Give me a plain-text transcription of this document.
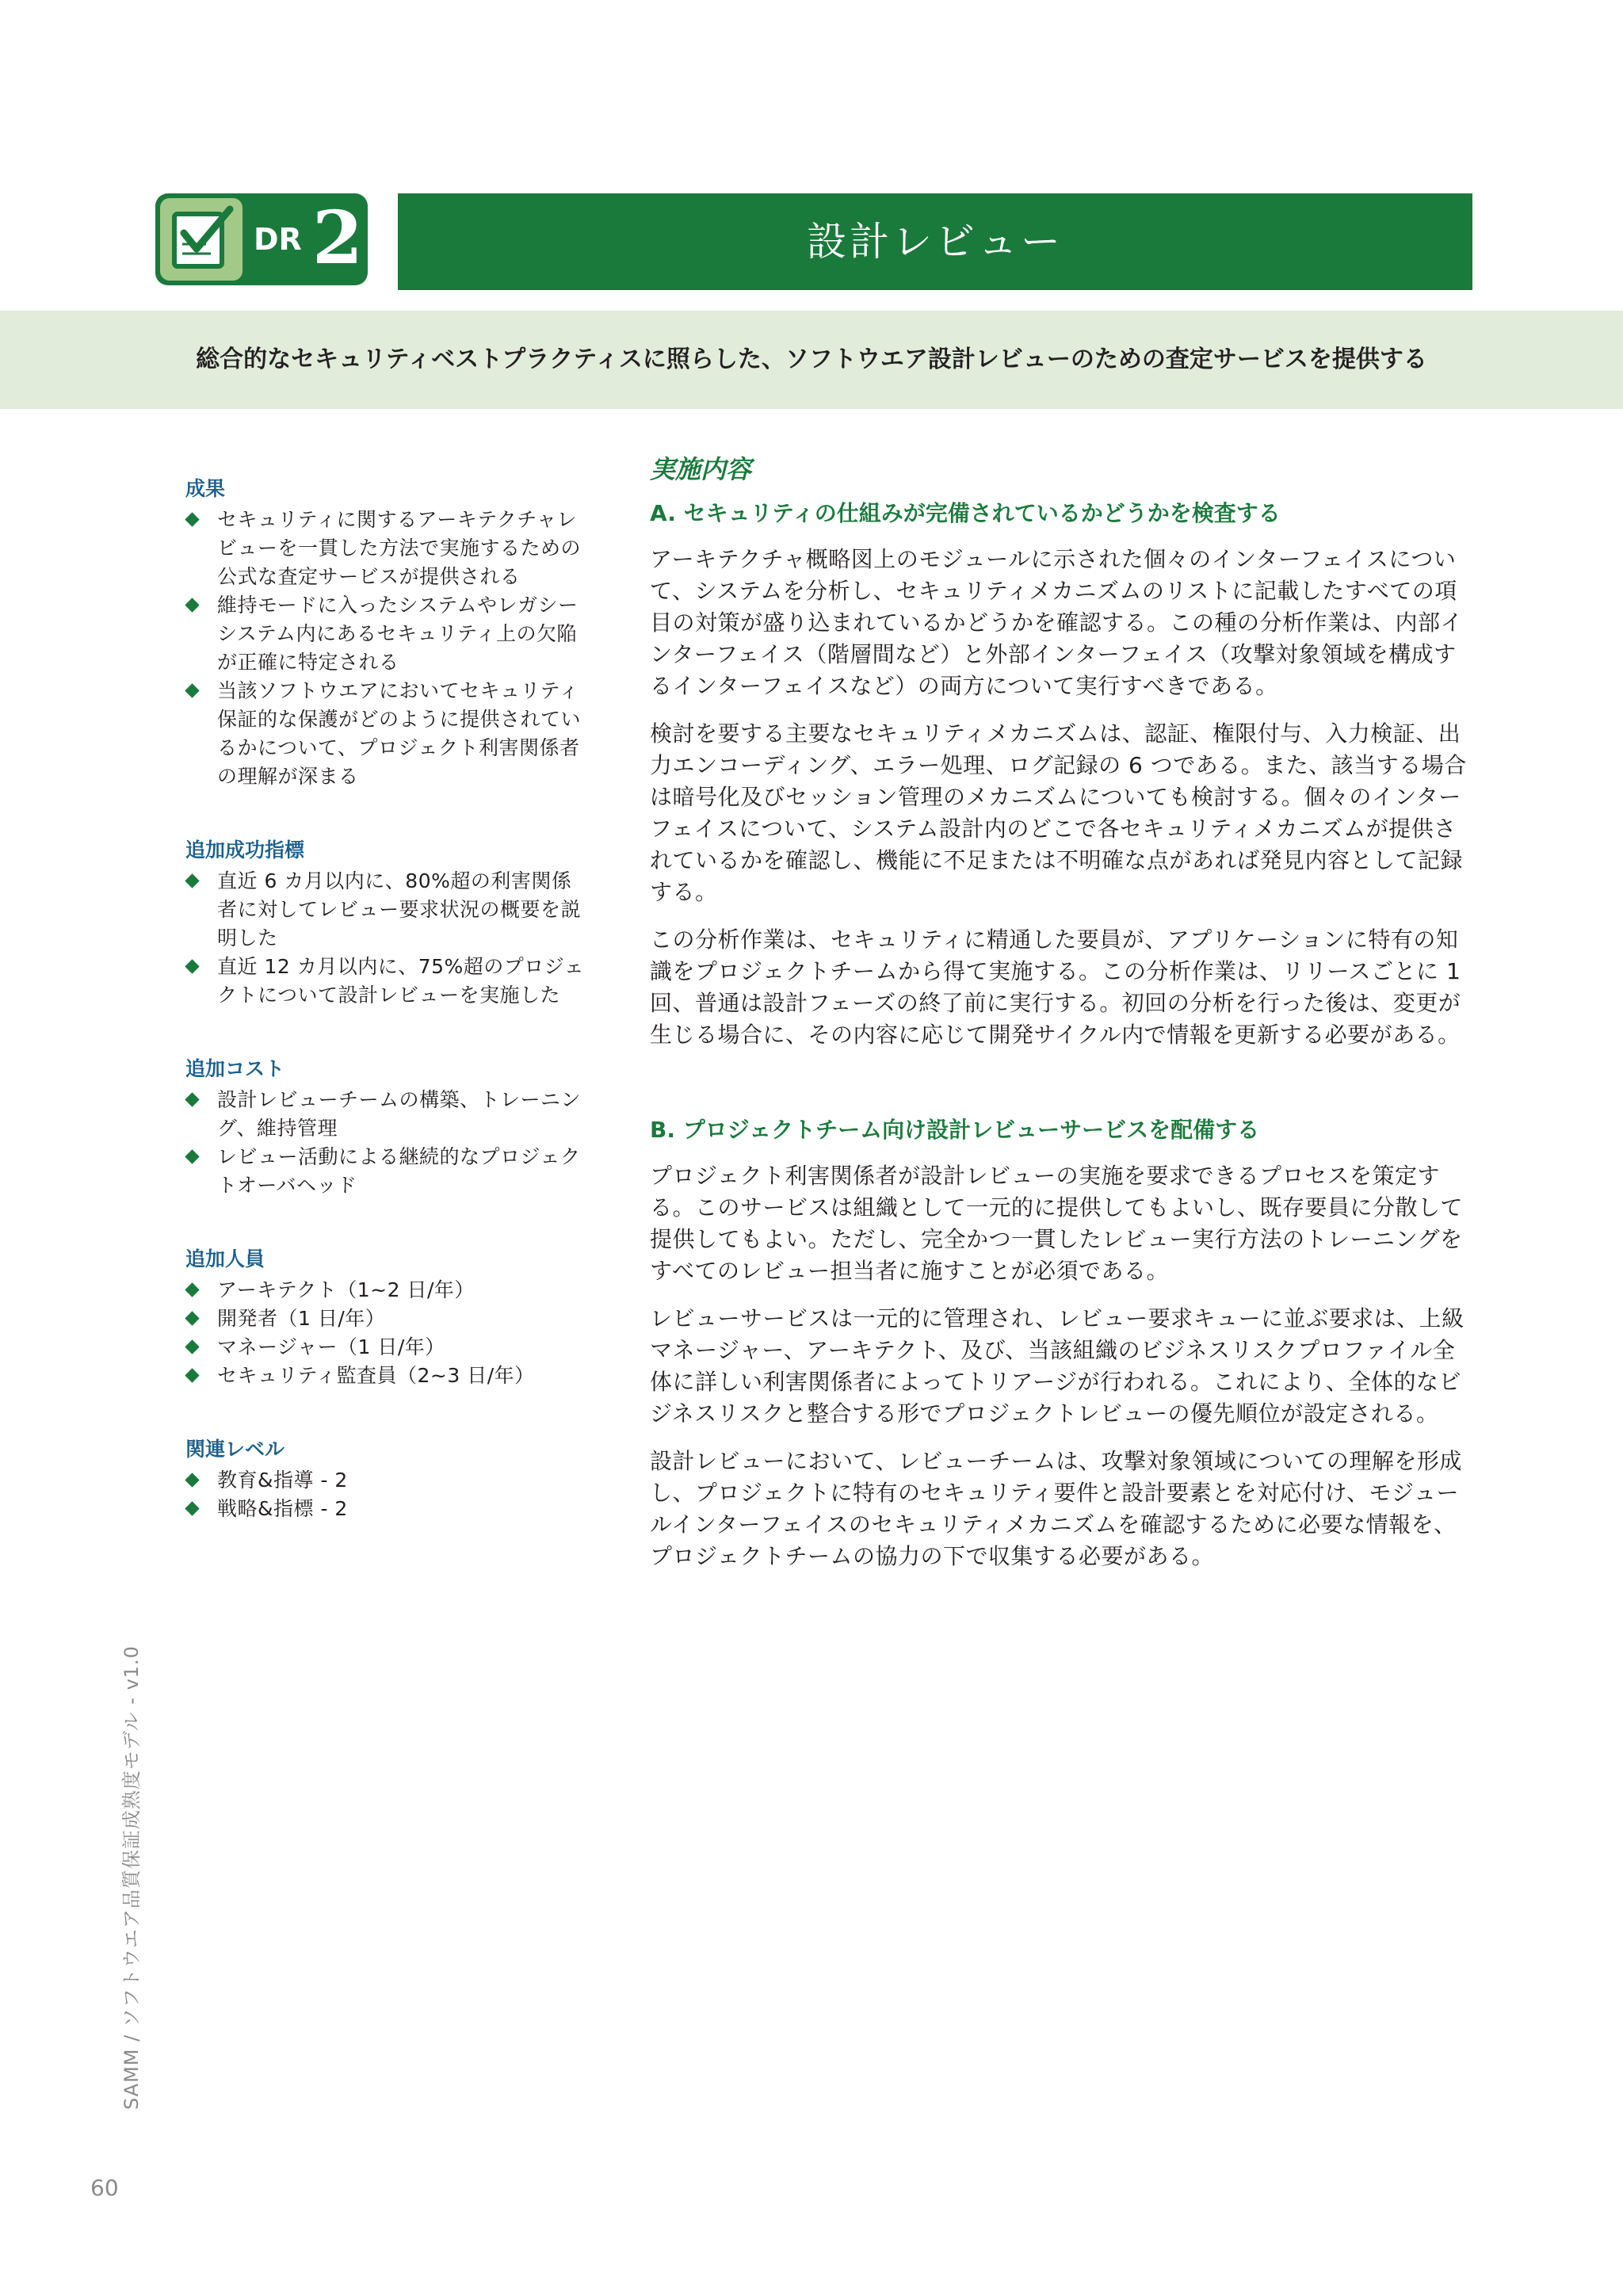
DR 2	設計レビュー
総合的なセキュリティベストプラクティスに照らした、ソフトウエア設計レビューのための査定サービスを提供する
成果
セキュリティに関するアーキテクチャレビューを一貫した方法で実施するための公式な査定サービスが提供される
維持モードに入ったシステムやレガシーシステム内にあるセキュリティ上の欠陥が正確に特定される
当該ソフトウエアにおいてセキュリティ保証的な保護がどのように提供されているかについて、プロジェクト利害関係者の理解が深まる
追加成功指標
直近 6 カ月以内に、80%超の利害関係者に対してレビュー要求状況の概要を説明した
直近 12 カ月以内に、75%超のプロジェクトについて設計レビューを実施した
追加コスト
設計レビューチームの構築、トレーニング、維持管理
レビュー活動による継続的なプロジェクトオーバヘッド
追加人員
アーキテクト（1~2 日/年）
開発者（1 日/年）
マネージャー（1 日/年）
セキュリティ監査員（2~3 日/年）
関連レベル
教育&指導 - 2
戦略&指標 - 2
実施内容
A. セキュリティの仕組みが完備されているかどうかを検査する

アーキテクチャ概略図上のモジュールに示された個々のインターフェイスについて、システムを分析し、セキュリティメカニズムのリストに記載したすべての項目の対策が盛り込まれているかどうかを確認する。この種の分析作業は、内部インターフェイス（階層間など）と外部インターフェイス（攻撃対象領域を構成するインターフェイスなど）の両方について実行すべきである。

検討を要する主要なセキュリティメカニズムは、認証、権限付与、入力検証、出力エンコーディング、エラー処理、ログ記録の 6 つである。また、該当する場合は暗号化及びセッション管理のメカニズムについても検討する。個々のインターフェイスについて、システム設計内のどこで各セキュリティメカニズムが提供されているかを確認し、機能に不足または不明確な点があれば発見内容として記録する。

この分析作業は、セキュリティに精通した要員が、アプリケーションに特有の知識をプロジェクトチームから得て実施する。この分析作業は、リリースごとに 1 回、普通は設計フェーズの終了前に実行する。初回の分析を行った後は、変更が生じる場合に、その内容に応じて開発サイクル内で情報を更新する必要がある。

B. プロジェクトチーム向け設計レビューサービスを配備する

プロジェクト利害関係者が設計レビューの実施を要求できるプロセスを策定する。このサービスは組織として一元的に提供してもよいし、既存要員に分散して提供してもよい。ただし、完全かつ一貫したレビュー実行方法のトレーニングをすべてのレビュー担当者に施すことが必須である。

レビューサービスは一元的に管理され、レビュー要求キューに並ぶ要求は、上級マネージャー、アーキテクト、及び、当該組織のビジネスリスクプロファイル全体に詳しい利害関係者によってトリアージが行われる。これにより、全体的なビジネスリスクと整合する形でプロジェクトレビューの優先順位が設定される。

設計レビューにおいて、レビューチームは、攻撃対象領域についての理解を形成し、プロジェクトに特有のセキュリティ要件と設計要素とを対応付け、モジュールインターフェイスのセキュリティメカニズムを確認するために必要な情報を、プロジェクトチームの協力の下で収集する必要がある。

SAMM / ソフトウエア品質保証成熟度モデル - v1.0
60
